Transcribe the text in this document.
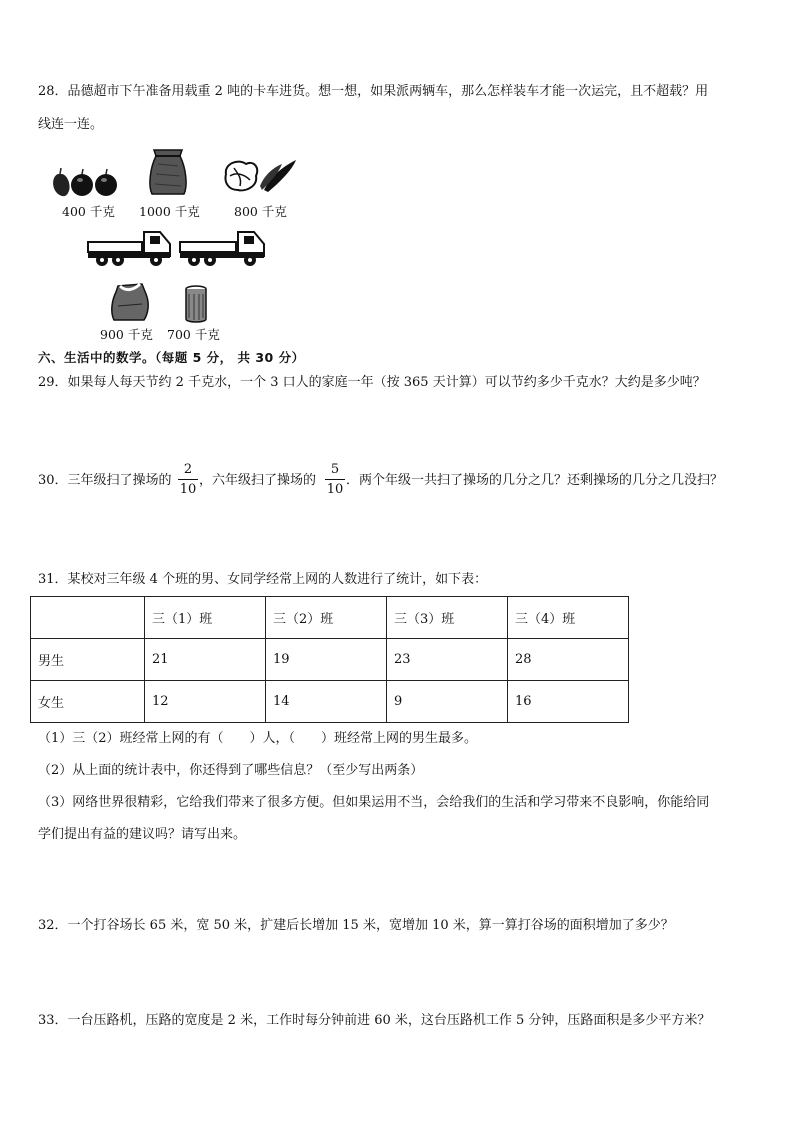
28．品德超市下午准备用载重 2 吨的卡车进货。想一想，如果派两辆车，那么怎样装车才能一次运完，且不超载？用
线连一连。
400 千克 1000 千克	800 千克
900 千克 700 千克
六、生活中的数学。（每题 5 分， 共 30 分）
29．如果每人每天节约 2 千克水，一个 3 口人的家庭一年（按 365 天计算）可以节约多少千克水？大约是多少吨？
30．三年级扫了操场的
2
10
，六年级扫了操场的
5
10
．两个年级一共扫了操场的几分之几？还剩操场的几分之几没扫？
31．某校对三年级 4 个班的男、女同学经常上网的人数进行了统计，如下表：
	三（1）班	三（2）班	三（3）班	三（4）班
男生	21	19	23	28
女生	12	14	9	16
（1）三（2）班经常上网的有（　　）人，（　　）班经常上网的男生最多。
（2）从上面的统计表中，你还得到了哪些信息？（至少写出两条）
（3）网络世界很精彩，它给我们带来了很多方便。但如果运用不当，会给我们的生活和学习带来不良影响，你能给同
学们提出有益的建议吗？请写出来。
32．一个打谷场长 65 米，宽 50 米，扩建后长增加 15 米，宽增加 10 米，算一算打谷场的面积增加了多少？
33．一台压路机，压路的宽度是 2 米，工作时每分钟前进 60 米，这台压路机工作 5 分钟，压路面积是多少平方米？
